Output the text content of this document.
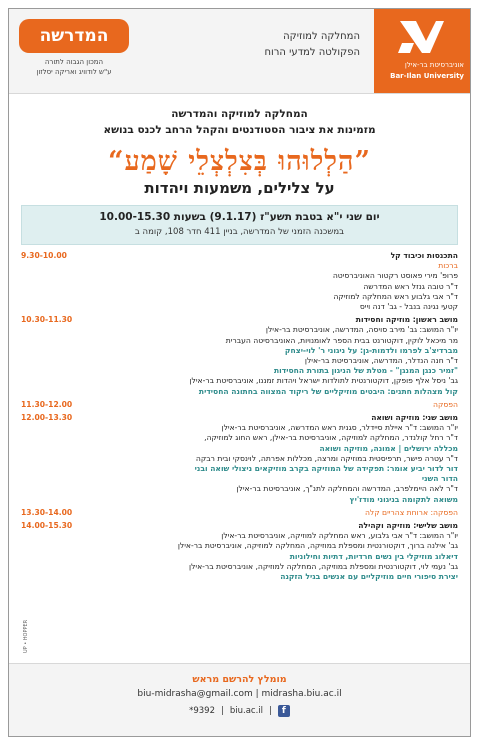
אוניברסיטת בר-אילן
Bar-Ilan University
המחלקה למוזיקה
הפקולטה למדעי הרוח
המדרשה
המכון הגבוה לתורה
ע"ש לודוויג ואריקה יסלזון
המחלקה למוזיקה והמדרשה
מזמינות את ציבור הסטודנטים והקהל הרחב לכנס בנושא
”הַלְלוּהוּ בְּצִלְצְלֵי שָׁמַע“
על צלילים, משמעות ויהדות
יום שני י"א בטבת תשע"ז (9.1.17) בשעות 10.00-15.30
במשכנה הזמני של המדרשה, בניין 411 חדר 108, קומה ב
התכנסות וכיבוד קל
ברכות
פרופ' מירי פאוסט רקטור האוניברסיטה
ד"ר טובה גנזל ראש המדרשה
ד"ר אבי גלבוע ראש המחלקה למוזיקה
קטעי נגינה בנבל - גב' דנה וייס
9.30-10.00
מושב ראשון: מוזיקה וחסידות
יו"ר המושב: גב' מירב סויסה, המדרשה, אוניברסיטת בר-אילן
מר מיכאל לוקין, דוקטורנט בבית הספר לאומנויות, האוניברסיטה העברית
מברדיצ'ב לפרמו ולדמות-גן: על ניגוני ר' לוי-יצחק
ד"ר חנה הנדלר, המדרשה, אוניברסיטת בר-אילן
"זמיר כנגן המנגן" - מטלת של הניגון בתורת החסידות
גב' ניסל אלף פופקן, דוקטורנטית לתולדות ישראל ויהדות זמננו, אוניברסיטת בר-אילן
קול מצהלות חתנים: היבטים מוזיקליים של ריקוד המצווה בחתונה החסידית
10.30-11.30
הפסקה
11.30-12.00
מושב שני: מוזיקה ושואה
יו"ר המושב: ד"ר איילת סיידלר, סגנית ראש המדרשה, אוניברסיטת בר-אילן
ד"ר רחל קולנדר, המחלקה למוזיקה, אוניברסיטת בר-אילן, ראש החוג למוזיקה,
מכללה ירושלים | אמונה, מוזיקה ושואה
ד"ר עטרה פישר, תרפיסטית במוזיקה ומרצה, מכללות אפרתה, לוינסקי ובית רבקה
דור לדור יביע אומר: תפקידה של המוזיקה בקרב מוזיקאים ניצולי שואה ובני
הדור השני
ד"ר לאה היימלפרב, המדרשה והמחלקה לתנ"ך, אוניברסיטת בר-אילן
משואה לתקומה בניגוני מודז'יץ
12.00-13.30
הפסקה: ארוחת צהריים קלה
13.30-14.00
מושב שלישי: מוזיקה וקהילה
יו"ר המושב: ד"ר אבי גלבוע, ראש המחלקה למוזיקה, אוניברסיטת בר-אילן
גב' אילנה ברוך, דוקטורנטית ומספלת במוזיקה, המחלקה למוזיקה, אוניברסיטת בר-אילן
דיאלוג מוזיקלי בין נשים חרדיות, דתיות וחילוניות
גב' נעמי לוי, דוקטורנטית ומספלת במוזיקה, המחלקה למוזיקה, אוניברסיטת בר-אילן
יצירת סיפורי חיים מוזיקליים עם אנשים בגיל הזקנה
14.00-15.30
UP • HOPPER
מומלץ להרשם מראש
biu-midrasha@gmail.com | midrasha.biu.ac.il
*9392 | biu.ac.il |	f
